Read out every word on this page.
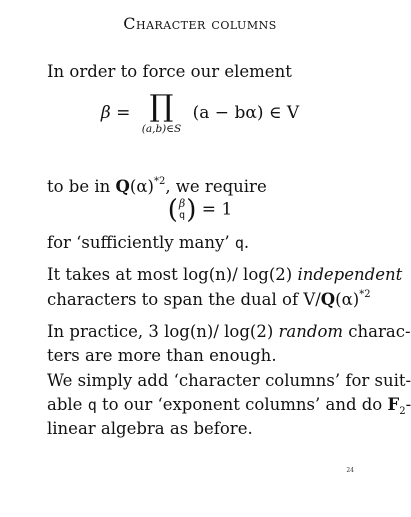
Character columns
In order to force our element
β = ∏
(a,b)∈S
(a − bα) ∈ V
to be in $Q(\alpha)^{*2}$, we require
( β
q ) = 1
for ‘sufficiently many’ q.
It takes at most log(n)/ log(2) independent
characters to span the dual of $V/Q(\alpha)^{*2}$
In practice, 3 log(n)/ log(2) random charac-
ters are more than enough.
We simply add ‘character columns’ for suit-
able q to our ‘exponent columns’ and do $F_2-$
linear algebra as before.
24
